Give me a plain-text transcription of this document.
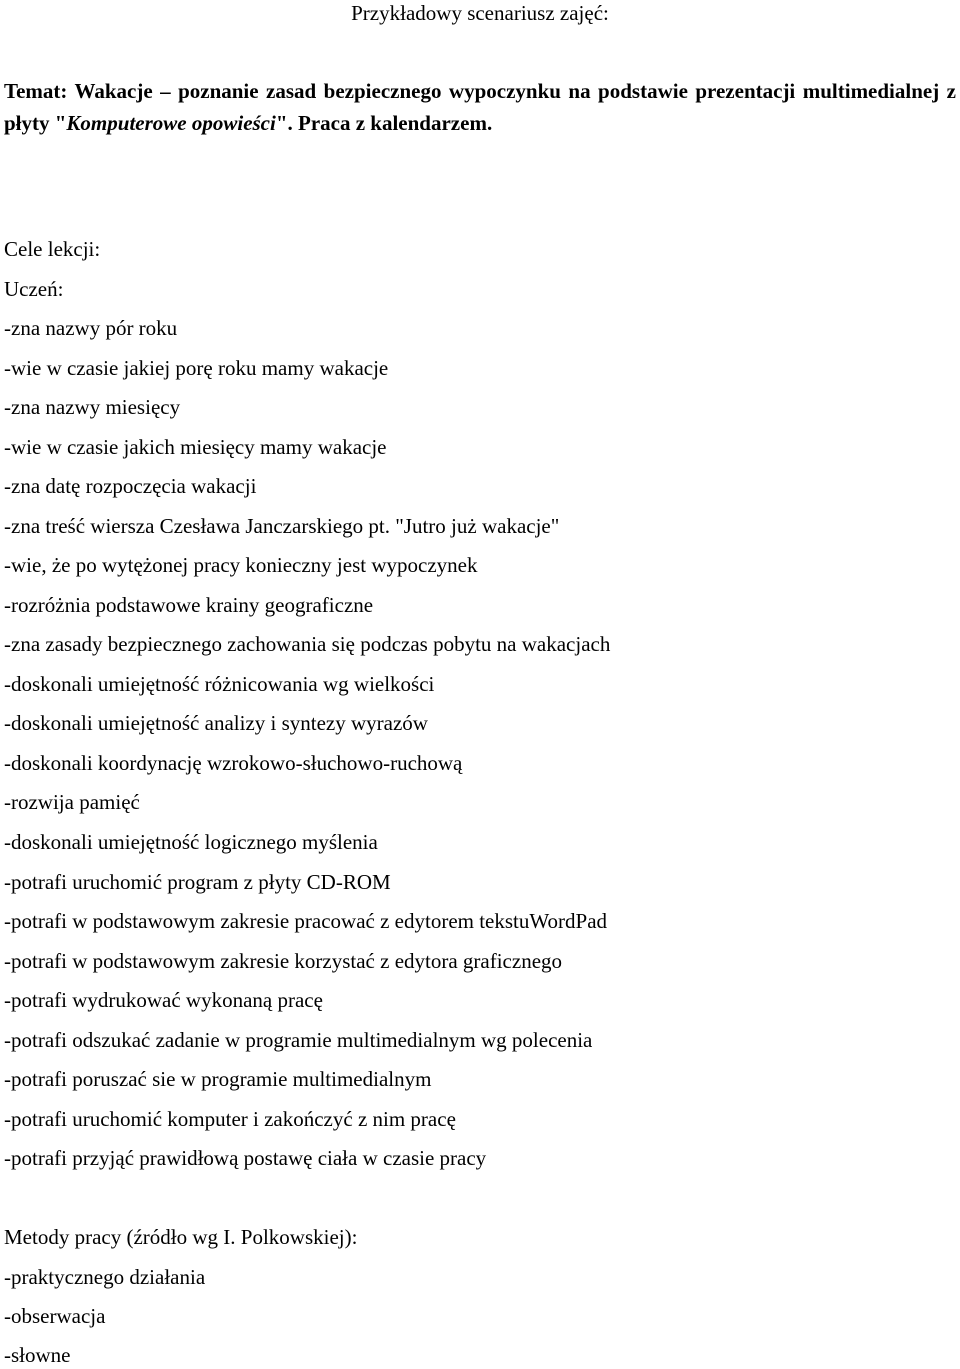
Przykładowy scenariusz zajęć:
Temat: Wakacje – poznanie zasad bezpiecznego wypoczynku na podstawie prezentacji multimedialnej z płyty "Komputerowe opowieści". Praca z kalendarzem.
Cele lekcji:
Uczeń:
-zna nazwy pór roku
-wie w czasie jakiej porę roku mamy wakacje
-zna nazwy miesięcy
-wie w czasie jakich miesięcy mamy wakacje
-zna datę rozpoczęcia wakacji
-zna treść wiersza Czesława Janczarskiego pt. "Jutro już wakacje"
-wie, że po wytężonej pracy konieczny jest wypoczynek
-rozróżnia podstawowe krainy geograficzne
-zna zasady bezpiecznego zachowania się podczas pobytu na wakacjach
-doskonali umiejętność różnicowania wg wielkości
-doskonali umiejętność analizy i syntezy wyrazów
-doskonali koordynację wzrokowo-słuchowo-ruchową
-rozwija pamięć
-doskonali umiejętność logicznego myślenia
-potrafi uruchomić program z płyty CD-ROM
-potrafi w podstawowym zakresie pracować z edytorem tekstuWordPad
-potrafi w podstawowym zakresie korzystać z edytora graficznego
-potrafi wydrukować wykonaną pracę
-potrafi odszukać zadanie w programie multimedialnym wg polecenia
-potrafi poruszać sie w programie multimedialnym
-potrafi uruchomić komputer i zakończyć z nim pracę
-potrafi przyjąć prawidłową postawę ciała w czasie pracy
Metody pracy (źródło wg I. Polkowskiej):
-praktycznego działania
-obserwacja
-słowne
